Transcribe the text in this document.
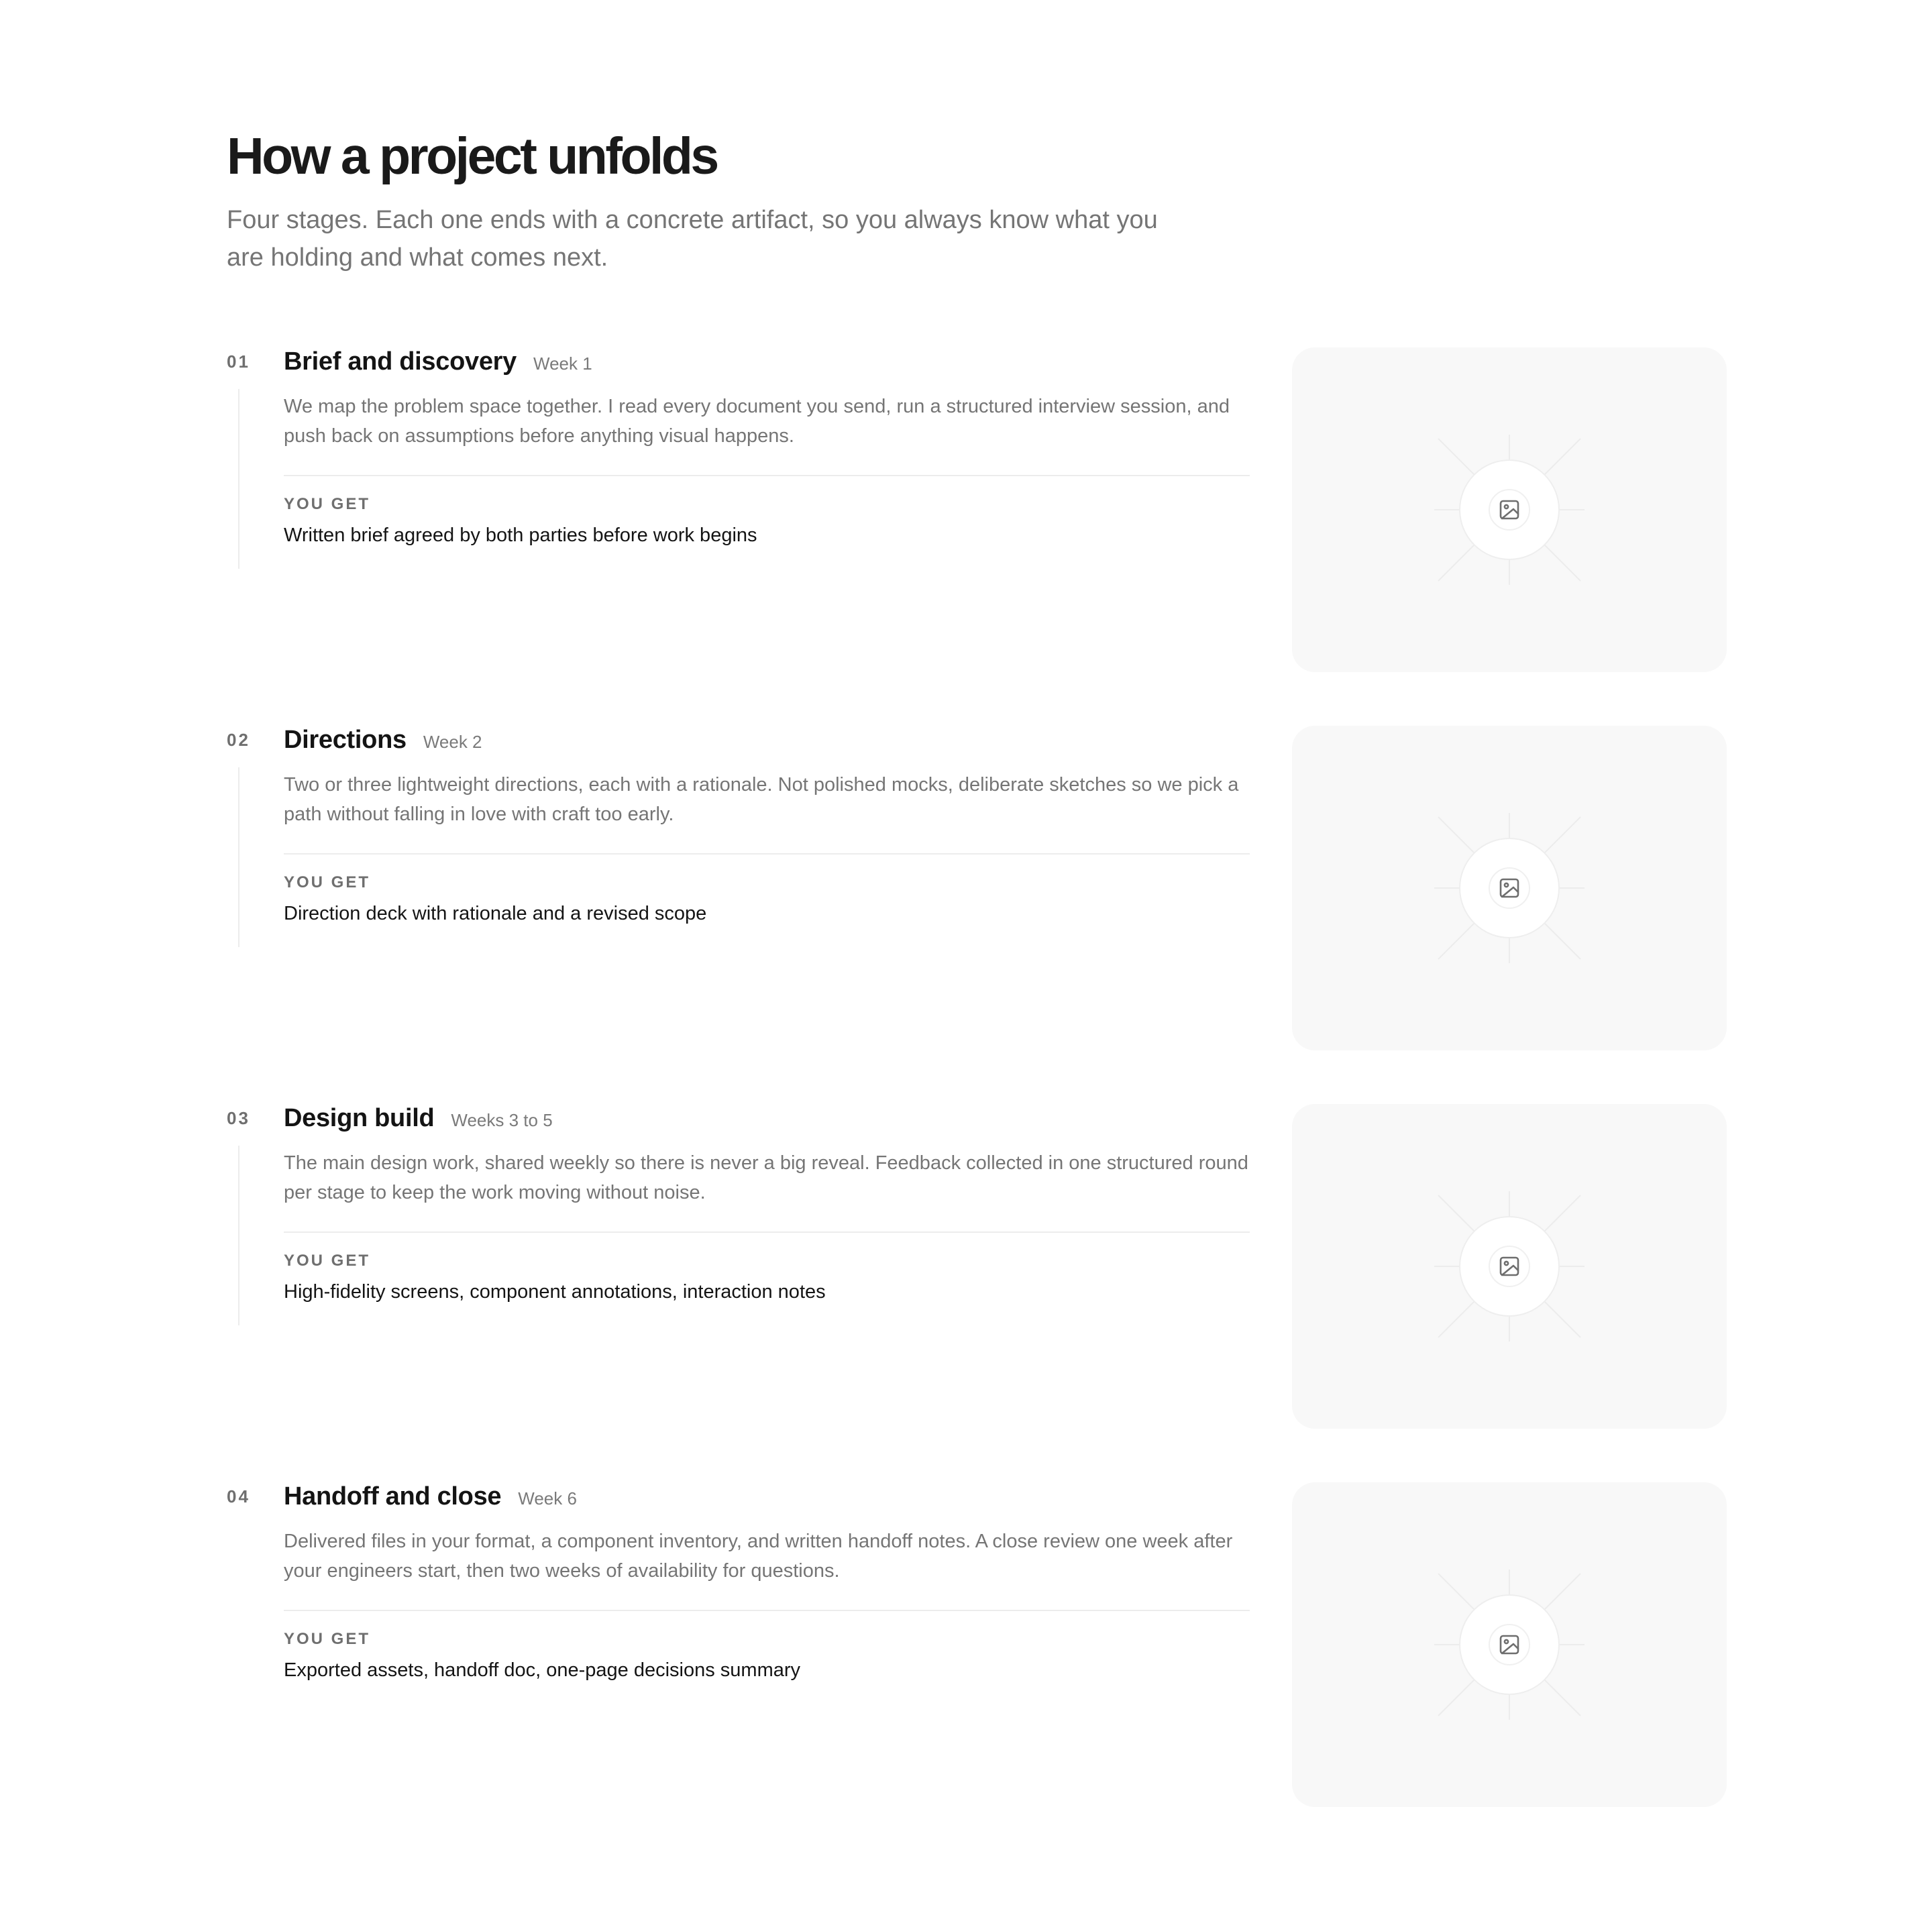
How a project unfolds

Four stages. Each one ends with a concrete artifact, so you always know what you are holding and what comes next.

01 Brief and discovery Week 1

We map the problem space together. I read every document you send, run a structured interview session, and push back on assumptions before anything visual happens.

YOU GET
Written brief agreed by both parties before work begins
02 Directions Week 2

Two or three lightweight directions, each with a rationale. Not polished mocks, deliberate sketches so we pick a path without falling in love with craft too early.

YOU GET
Direction deck with rationale and a revised scope
03 Design build Weeks 3 to 5

The main design work, shared weekly so there is never a big reveal. Feedback collected in one structured round per stage to keep the work moving without noise.

YOU GET
High-fidelity screens, component annotations, interaction notes
04 Handoff and close Week 6

Delivered files in your format, a component inventory, and written handoff notes. A close review one week after your engineers start, then two weeks of availability for questions.

YOU GET
Exported assets, handoff doc, one-page decisions summary
